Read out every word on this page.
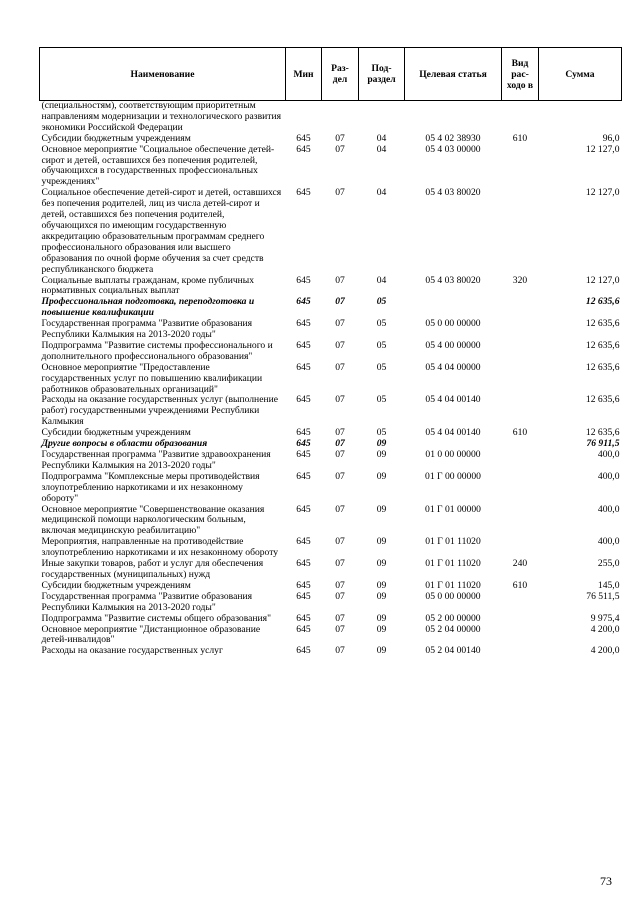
Наименование	Мин	Раз-дел	Под-раздел	Целевая статья	Вид рас-ходо в	Сумма
(специальностям), соответствующим приоритетным направлениям модернизации и технологического развития экономики Российской Федерации						
Субсидии бюджетным учреждениям	645	07	04	05 4 02 38930	610	96,0
Основное мероприятие "Социальное обеспечение детей-сирот и детей, оставшихся без попечения родителей, обучающихся в государственных профессиональных учреждениях"	645	07	04	05 4 03 00000		12 127,0
Социальное обеспечение детей-сирот и детей, оставшихся без попечения родителей, лиц из числа детей-сирот и детей, оставшихся без попечения родителей, обучающихся по имеющим государственную аккредитацию образовательным программам среднего профессионального образования или высшего образования по очной форме обучения за счет средств республиканского бюджета	645	07	04	05 4 03 80020		12 127,0
Социальные выплаты гражданам, кроме публичных нормативных социальных выплат	645	07	04	05 4 03 80020	320	12 127,0
Профессиональная подготовка, переподготовка и повышение квалификации	645	07	05			12 635,6
Государственная программа "Развитие образования Республики Калмыкия на 2013-2020 годы"	645	07	05	05 0 00 00000		12 635,6
Подпрограмма "Развитие системы профессионального и дополнительного профессионального образования"	645	07	05	05 4 00 00000		12 635,6
Основное мероприятие "Предоставление государственных услуг по повышению квалификации работников образовательных организаций"	645	07	05	05 4 04 00000		12 635,6
Расходы на оказание государственных услуг (выполнение работ) государственными учреждениями Республики Калмыкия	645	07	05	05 4 04 00140		12 635,6
Субсидии бюджетным учреждениям	645	07	05	05 4 04 00140	610	12 635,6
Другие вопросы в области образования	645	07	09			76 911,5
Государственная программа "Развитие здравоохранения Республики Калмыкия на 2013-2020 годы"	645	07	09	01 0 00 00000		400,0
Подпрограмма "Комплексные меры противодействия злоупотреблению наркотиками и их незаконному обороту"	645	07	09	01 Г 00 00000		400,0
Основное мероприятие "Совершенствование оказания медицинской помощи наркологическим больным, включая медицинскую реабилитацию"	645	07	09	01 Г 01 00000		400,0
Мероприятия, направленные на противодействие злоупотреблению наркотиками и их незаконному обороту	645	07	09	01 Г 01 11020		400,0
Иные закупки товаров, работ и услуг для обеспечения государственных (муниципальных) нужд	645	07	09	01 Г 01 11020	240	255,0
Субсидии бюджетным учреждениям	645	07	09	01 Г 01 11020	610	145,0
Государственная программа "Развитие образования Республики Калмыкия на 2013-2020 годы"	645	07	09	05 0 00 00000		76 511,5
Подпрограмма "Развитие системы общего образования"	645	07	09	05 2 00 00000		9 975,4
Основное мероприятие "Дистанционное образование детей-инвалидов"	645	07	09	05 2 04 00000		4 200,0
Расходы на оказание государственных услуг	645	07	09	05 2 04 00140		4 200,0
73
